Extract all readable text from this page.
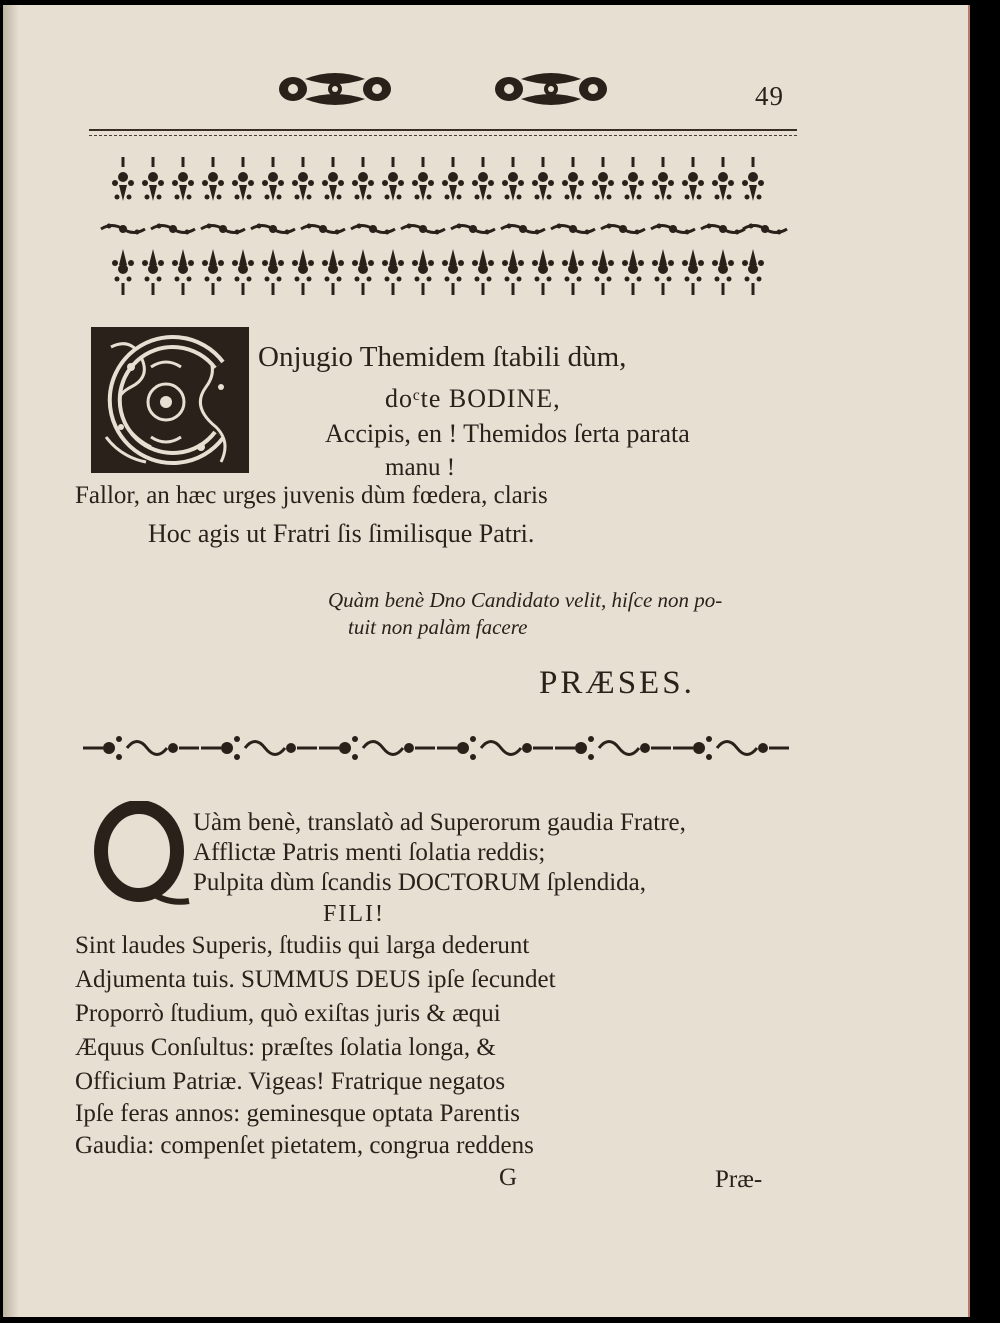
49
Onjugio Themidem ſtabili dùm,
doᶜte BODINE,
Accipis, en ! Themidos ſerta parata
manu !
Fallor, an hæc urges juvenis dùm fœdera, claris
Hoc agis ut Fratri ſis ſimilisque Patri.
Quàm benè Dno Candidato velit, hiſce non po-
tuit non palàm facere
PRÆSES.
Uàm benè, translatò ad Superorum gaudia Fratre,
Afflictæ Patris menti ſolatia reddis;
Pulpita dùm ſcandis DOCTORUM ſplendida,
FILI!
Sint laudes Superis, ſtudiis qui larga dederunt
Adjumenta tuis. SUMMUS DEUS ipſe ſecundet
Proporrò ſtudium, quò exiſtas juris & æqui
Æquus Conſultus: præſtes ſolatia longa, &
Officium Patriæ. Vigeas! Fratrique negatos
Ipſe feras annos: geminesque optata Parentis
Gaudia: compenſet pietatem, congrua reddens
G	Præ-
